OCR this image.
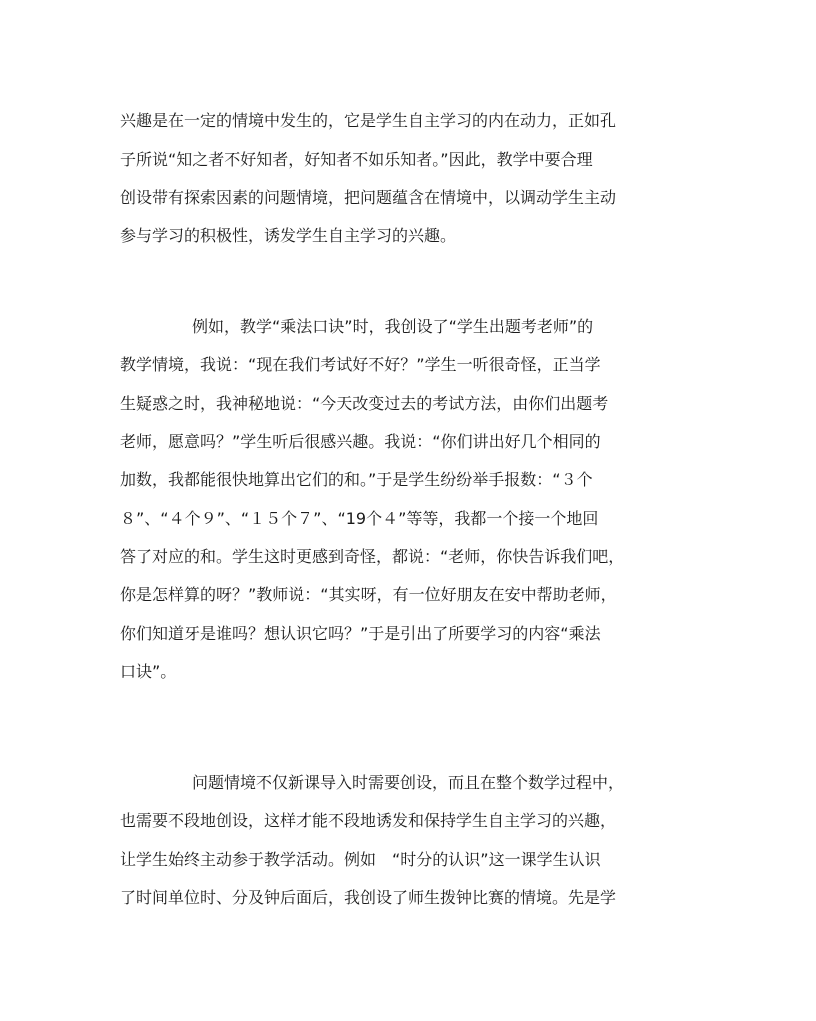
兴趣是在一定的情境中发生的，它是学生自主学习的内在动力，正如孔
子所说“知之者不好知者，好知者不如乐知者。”因此，教学中要合理
创设带有探索因素的问题情境，把问题蕴含在情境中，以调动学生主动
参与学习的积极性，诱发学生自主学习的兴趣。
例如，教学“乘法口诀”时，我创设了“学生出题考老师”的
教学情境，我说：“现在我们考试好不好？”学生一听很奇怪，正当学
生疑惑之时，我神秘地说：“今天改变过去的考试方法，由你们出题考
老师，愿意吗？”学生听后很感兴趣。我说：“你们讲出好几个相同的
加数，我都能很快地算出它们的和。”于是学生纷纷举手报数：“３个
８”、“４个９”、“１５个７”、“19个４”等等，我都一个接一个地回
答了对应的和。学生这时更感到奇怪，都说：“老师，你快告诉我们吧，
你是怎样算的呀？”教师说：“其实呀，有一位好朋友在安中帮助老师，
你们知道牙是谁吗？想认识它吗？”于是引出了所要学习的内容“乘法
口诀”。
问题情境不仅新课导入时需要创设，而且在整个数学过程中，
也需要不段地创设，这样才能不段地诱发和保持学生自主学习的兴趣，
让学生始终主动参于教学活动。例如　“时分的认识”这一课学生认识
了时间单位时、分及钟后面后，我创设了师生拨钟比赛的情境。先是学
